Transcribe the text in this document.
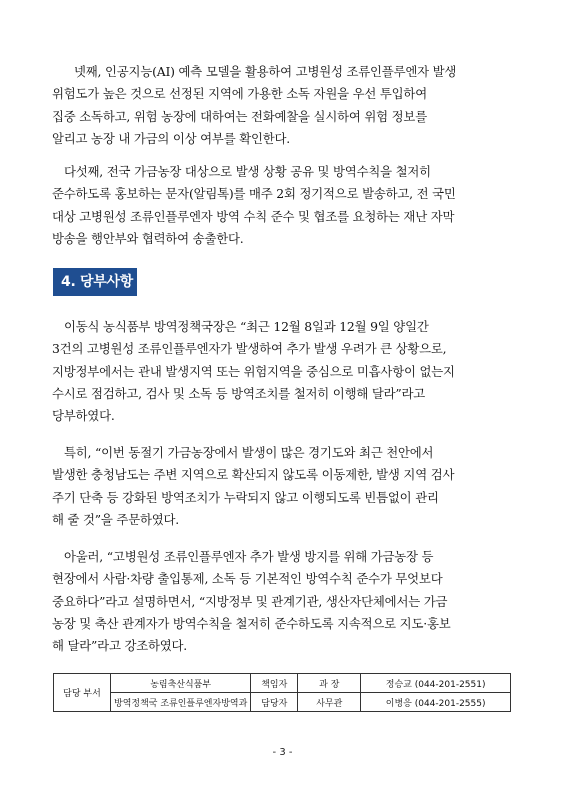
넷째, 인공지능(AI) 예측 모델을 활용하여 고병원성 조류인플루엔자 발생
위험도가 높은 것으로 선정된 지역에 가용한 소독 자원을 우선 투입하여
집중 소독하고, 위험 농장에 대하여는 전화예찰을 실시하여 위험 정보를
알리고 농장 내 가금의 이상 여부를 확인한다.
다섯째, 전국 가금농장 대상으로 발생 상황 공유 및 방역수칙을 철저히
준수하도록 홍보하는 문자(알림톡)를 매주 2회 정기적으로 발송하고, 전 국민
대상 고병원성 조류인플루엔자 방역 수칙 준수 및 협조를 요청하는 재난 자막
방송을 행안부와 협력하여 송출한다.
4. 당부사항
이동식 농식품부 방역정책국장은 “최근 12월 8일과 12월 9일 양일간
3건의 고병원성 조류인플루엔자가 발생하여 추가 발생 우려가 큰 상황으로,
지방정부에서는 관내 발생지역 또는 위험지역을 중심으로 미흡사항이 없는지
수시로 점검하고, 검사 및 소독 등 방역조치를 철저히 이행해 달라”라고
당부하였다.
특히, “이번 동절기 가금농장에서 발생이 많은 경기도와 최근 천안에서
발생한 충청남도는 주변 지역으로 확산되지 않도록 이동제한, 발생 지역 검사
주기 단축 등 강화된 방역조치가 누락되지 않고 이행되도록 빈틈없이 관리
해 줄 것”을 주문하였다.
아울러, “고병원성 조류인플루엔자 추가 발생 방지를 위해 가금농장 등
현장에서 사람·차량 출입통제, 소독 등 기본적인 방역수칙 준수가 무엇보다
중요하다”라고 설명하면서, “지방정부 및 관계기관, 생산자단체에서는 가금
농장 및 축산 관계자가 방역수칙을 철저히 준수하도록 지속적으로 지도·홍보
해 달라”라고 강조하였다.
담당 부서	농림축산식품부	책임자	과 장	정승교 (044-201-2551)
	방역정책국 조류인플루엔자방역과	담당자	사무관	이병응 (044-201-2555)
- 3 -
